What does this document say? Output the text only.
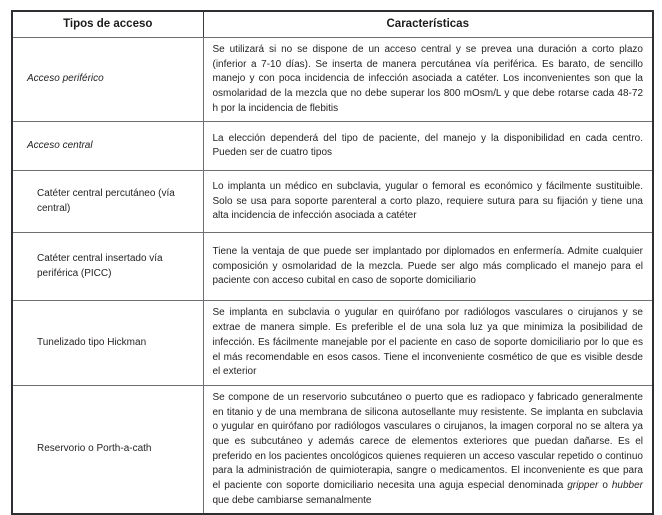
Tipos de acceso	Características
Acceso periférico	Se utilizará si no se dispone de un acceso central y se prevea una duración a corto plazo (inferior a 7-10 días). Se inserta de manera percutánea vía periférica. Es barato, de sencillo manejo y con poca incidencia de infección asociada a catéter. Los inconvenientes son que la osmolaridad de la mezcla que no debe superar los 800 mOsm/L y que debe rotarse cada 48-72 h por la incidencia de flebitis
Acceso central	La elección dependerá del tipo de paciente, del manejo y la disponibilidad en cada centro. Pueden ser de cuatro tipos
Catéter central percutáneo (vía central)	Lo implanta un médico en subclavia, yugular o femoral es económico y fácilmente sustituible. Solo se usa para soporte parenteral a corto plazo, requiere sutura para su fijación y tiene una alta incidencia de infección asociada a catéter
Catéter central insertado vía periférica (PICC)	Tiene la ventaja de que puede ser implantado por diplomados en enfermería. Admite cualquier composición y osmolaridad de la mezcla. Puede ser algo más complicado el manejo para el paciente con acceso cubital en caso de soporte domiciliario
Tunelizado tipo Hickman	Se implanta en subclavia o yugular en quirófano por radiólogos vasculares o cirujanos y se extrae de manera simple. Es preferible el de una sola luz ya que minimiza la posibilidad de infección. Es fácilmente manejable por el paciente en caso de soporte domiciliario por lo que es el más recomendable en esos casos. Tiene el inconveniente cosmético de que es visible desde el exterior
Reservorio o Porth-a-cath	Se compone de un reservorio subcutáneo o puerto que es radiopaco y fabricado generalmente en titanio y de una membrana de silicona autosellante muy resistente. Se implanta en subclavia o yugular en quirófano por radiólogos vasculares o cirujanos, la imagen corporal no se altera ya que es subcutáneo y además carece de elementos exteriores que puedan dañarse. Es el preferido en los pacientes oncológicos quienes requieren un acceso vascular repetido o continuo para la administración de quimioterapia, sangre o medicamentos. El inconveniente es que para el paciente con soporte domiciliario necesita una aguja especial denominada gripper o hubber que debe cambiarse semanalmente
